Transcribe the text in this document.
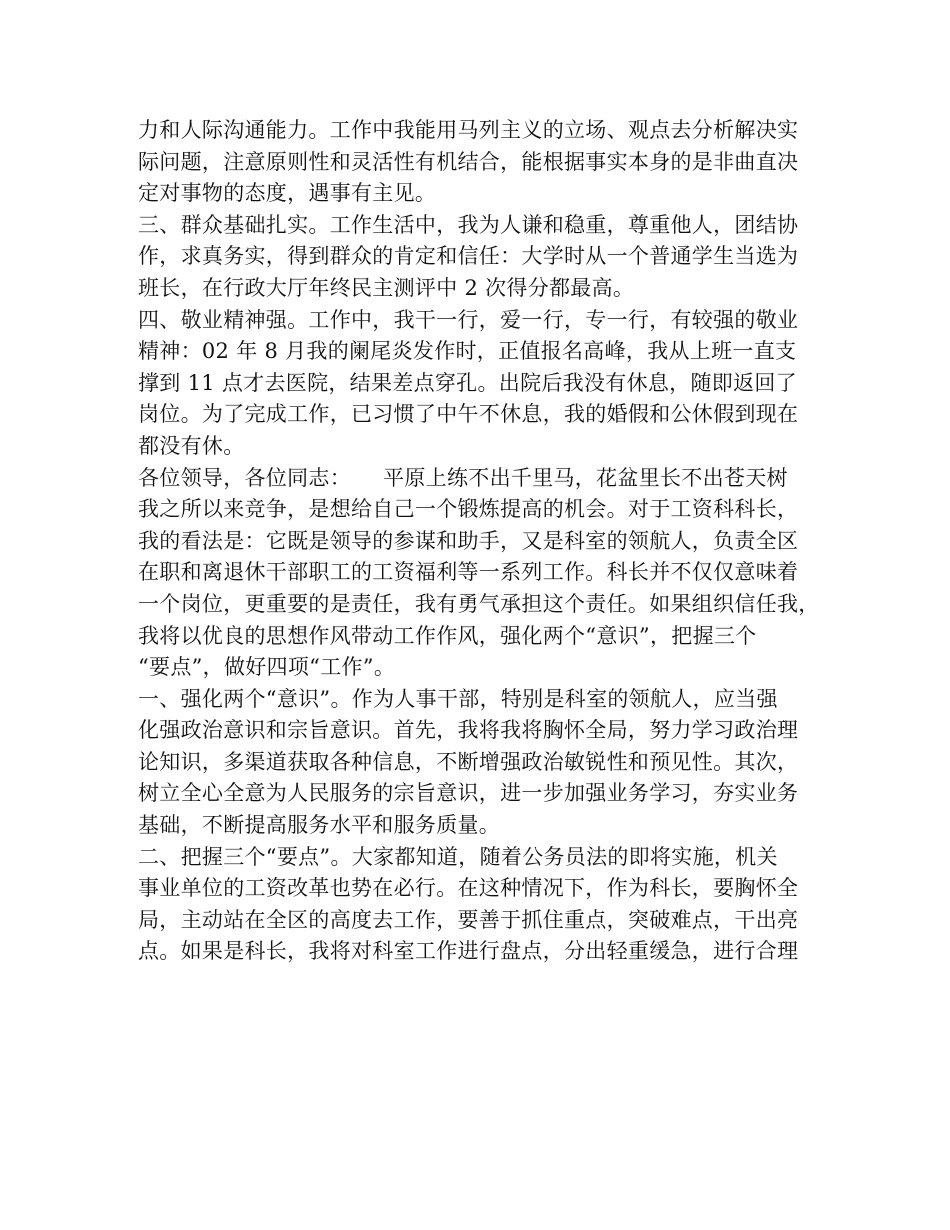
力和人际沟通能力。工作中我能用马列主义的立场、观点去分析解决实
际问题，注意原则性和灵活性有机结合，能根据事实本身的是非曲直决
定对事物的态度，遇事有主见。
三、群众基础扎实。工作生活中，我为人谦和稳重，尊重他人，团结协
作，求真务实，得到群众的肯定和信任：大学时从一个普通学生当选为
班长，在行政大厅年终民主测评中 2 次得分都最高。
四、敬业精神强。工作中，我干一行，爱一行，专一行，有较强的敬业
精神：02 年 8 月我的阑尾炎发作时，正值报名高峰，我从上班一直支
撑到 11 点才去医院，结果差点穿孔。出院后我没有休息，随即返回了
岗位。为了完成工作，已习惯了中午不休息，我的婚假和公休假到现在
都没有休。
各位领导，各位同志：　　平原上练不出千里马，花盆里长不出苍天树
我之所以来竞争，是想给自己一个锻炼提高的机会。对于工资科科长，
我的看法是：它既是领导的参谋和助手，又是科室的领航人，负责全区
在职和离退休干部职工的工资福利等一系列工作。科长并不仅仅意味着
一个岗位，更重要的是责任，我有勇气承担这个责任。如果组织信任我，
我将以优良的思想作风带动工作作风，强化两个“意识”，把握三个
“要点”，做好四项“工作”。
一、强化两个“意识”。作为人事干部，特别是科室的领航人，应当强
化强政治意识和宗旨意识。首先，我将我将胸怀全局，努力学习政治理
论知识，多渠道获取各种信息，不断增强政治敏锐性和预见性。其次，
树立全心全意为人民服务的宗旨意识，进一步加强业务学习，夯实业务
基础，不断提高服务水平和服务质量。
二、把握三个“要点”。大家都知道，随着公务员法的即将实施，机关
事业单位的工资改革也势在必行。在这种情况下，作为科长，要胸怀全
局，主动站在全区的高度去工作，要善于抓住重点，突破难点，干出亮
点。如果是科长，我将对科室工作进行盘点，分出轻重缓急，进行合理
